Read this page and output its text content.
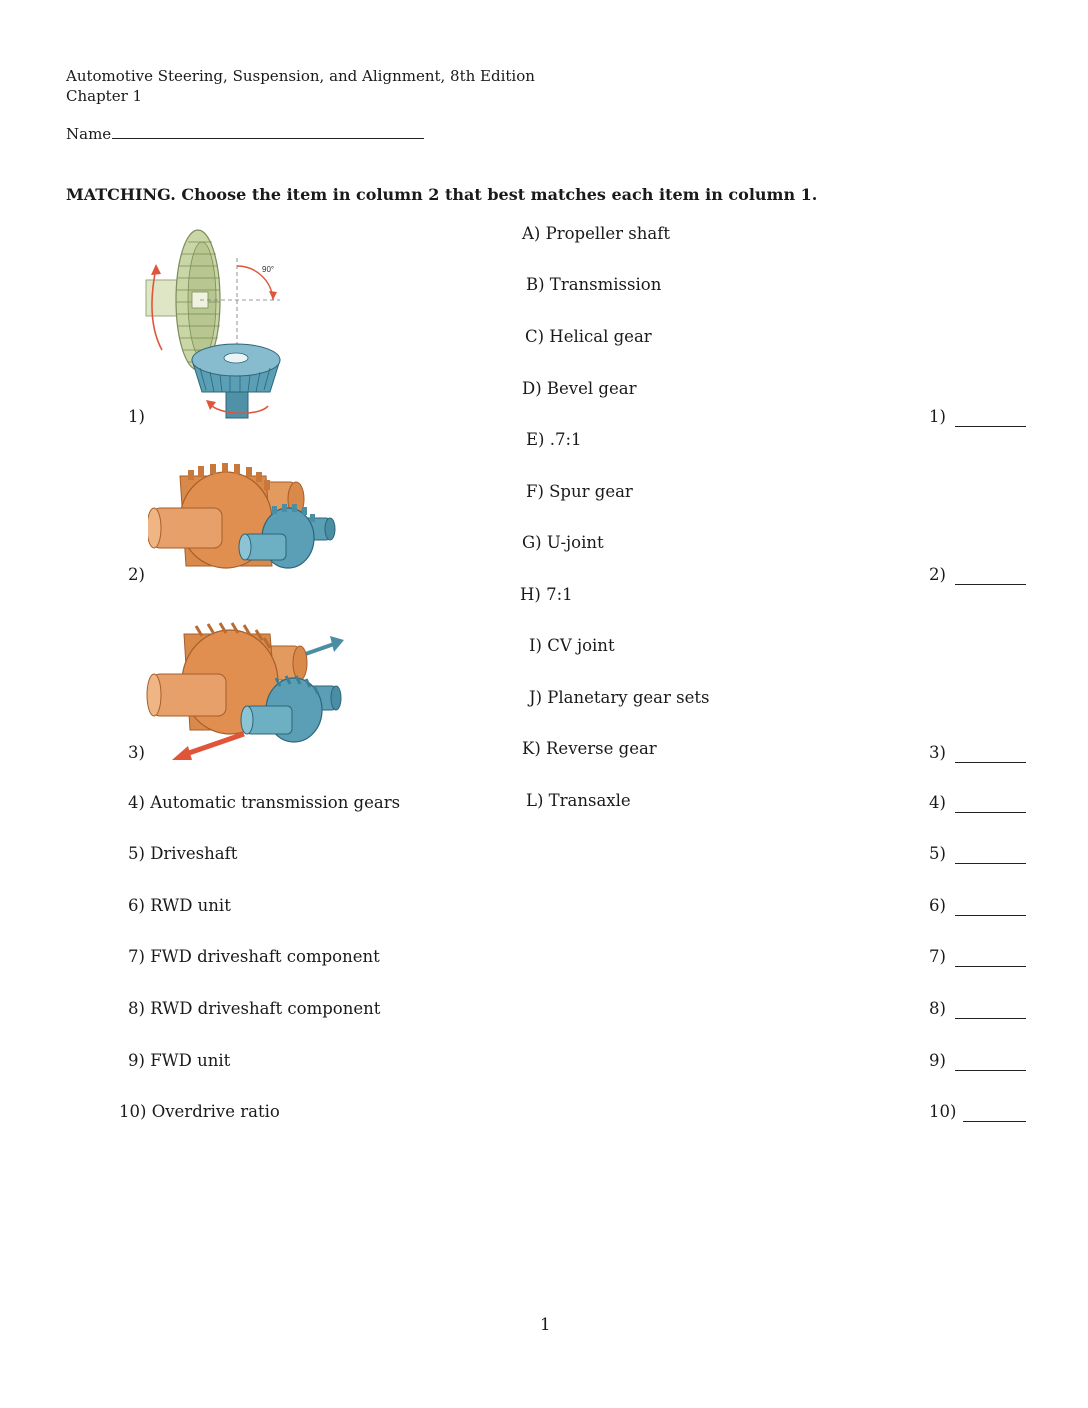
Automotive Steering, Suspension, and Alignment, 8th Edition
Chapter 1
Name
MATCHING. Choose the item in column 2 that best matches each item in column 1.
90°
1)
2)
3)
4) Automatic transmission gears
5) Driveshaft
6) RWD unit
7) FWD driveshaft component
8) RWD driveshaft component
9) FWD unit
10) Overdrive ratio
A) Propeller shaft
B) Transmission
C) Helical gear
D) Bevel gear
E) .7:1
F) Spur gear
G) U-joint
H) 7:1
I) CV joint
J) Planetary gear sets
K) Reverse gear
L) Transaxle
1)
2)
3)
4)
5)
6)
7)
8)
9)
10)
1
